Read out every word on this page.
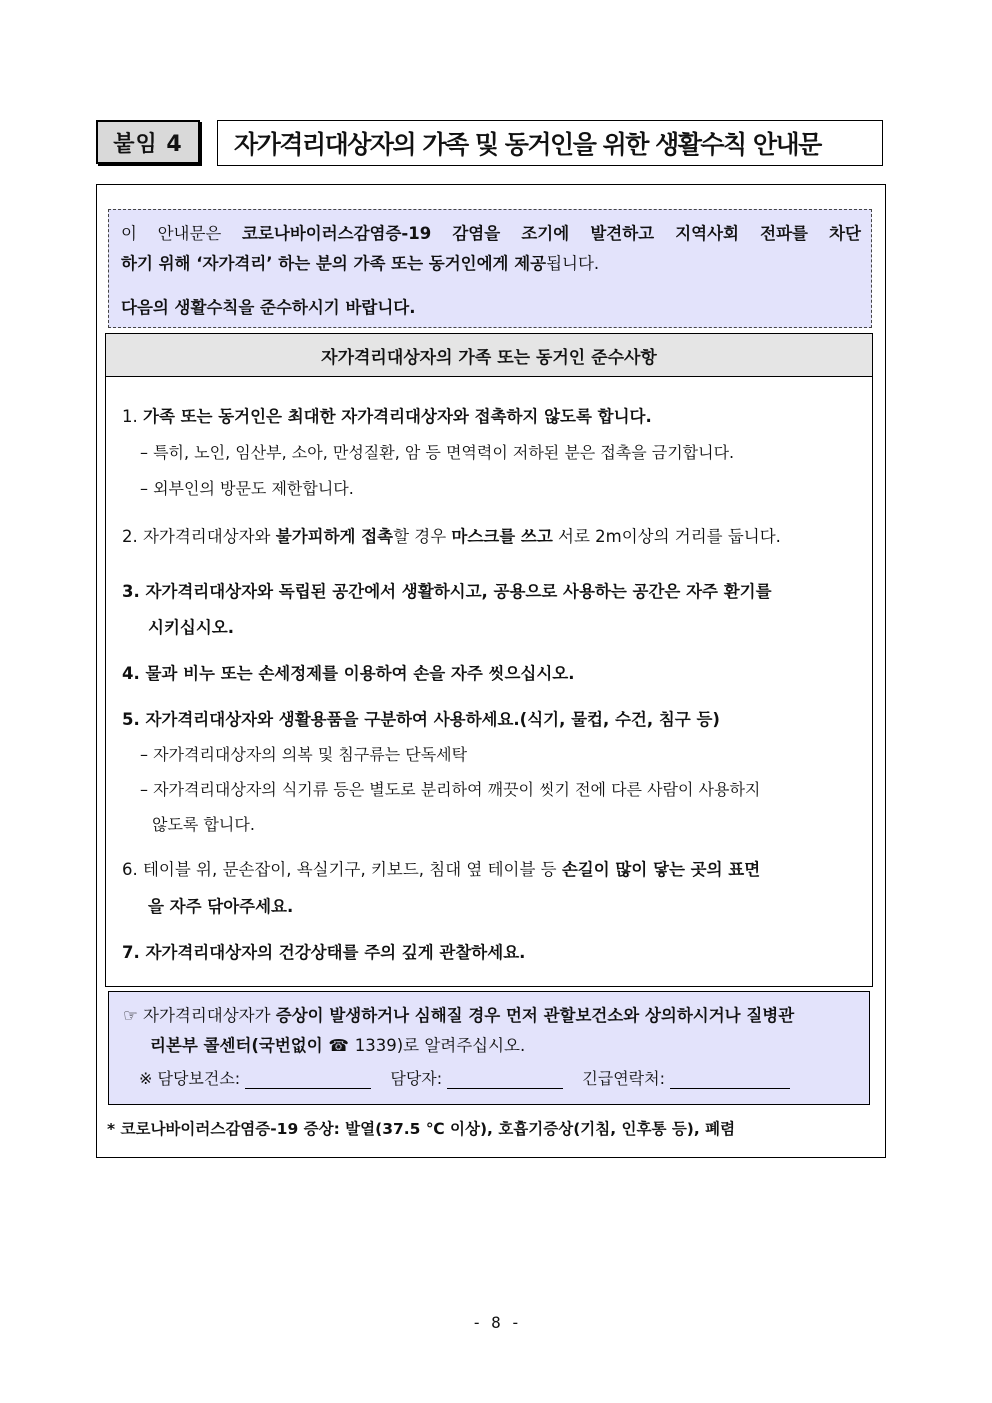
붙임 4	자가격리대상자의 가족 및 동거인을 위한 생활수칙 안내문

이 안내문은 코로나바이러스감염증-19 감염을 조기에 발견하고 지역사회 전파를 차단

하기 위해 ‘자가격리’ 하는 분의 가족 또는 동거인에게 제공됩니다.

다음의 생활수칙을 준수하시기 바랍니다.

자가격리대상자의 가족 또는 동거인 준수사항
1. 가족 또는 동거인은 최대한 자가격리대상자와 접촉하지 않도록 합니다.
– 특히, 노인, 임산부, 소아, 만성질환, 암 등 면역력이 저하된 분은 접촉을 금기합니다.
– 외부인의 방문도 제한합니다.
2. 자가격리대상자와 불가피하게 접촉할 경우 마스크를 쓰고 서로 2m이상의 거리를 둡니다.
3. 자가격리대상자와 독립된 공간에서 생활하시고, 공용으로 사용하는 공간은 자주 환기를
시키십시오.
4. 물과 비누 또는 손세정제를 이용하여 손을 자주 씻으십시오.
5. 자가격리대상자와 생활용품을 구분하여 사용하세요.(식기, 물컵, 수건, 침구 등)
– 자가격리대상자의 의복 및 침구류는 단독세탁
– 자가격리대상자의 식기류 등은 별도로 분리하여 깨끗이 씻기 전에 다른 사람이 사용하지
않도록 합니다.
6. 테이블 위, 문손잡이, 욕실기구, 키보드, 침대 옆 테이블 등 손길이 많이 닿는 곳의 표면
을 자주 닦아주세요.
7. 자가격리대상자의 건강상태를 주의 깊게 관찰하세요.
☞ 자가격리대상자가 증상이 발생하거나 심해질 경우 먼저 관할보건소와 상의하시거나 질병관
리본부 콜센터(국번없이 ☎ 1339)로 알려주십시오.
※ 담당보건소:	담당자:	긴급연락처:
* 코로나바이러스감염증-19 증상: 발열(37.5 ℃ 이상), 호흡기증상(기침, 인후통 등), 폐렴
- 8 -
